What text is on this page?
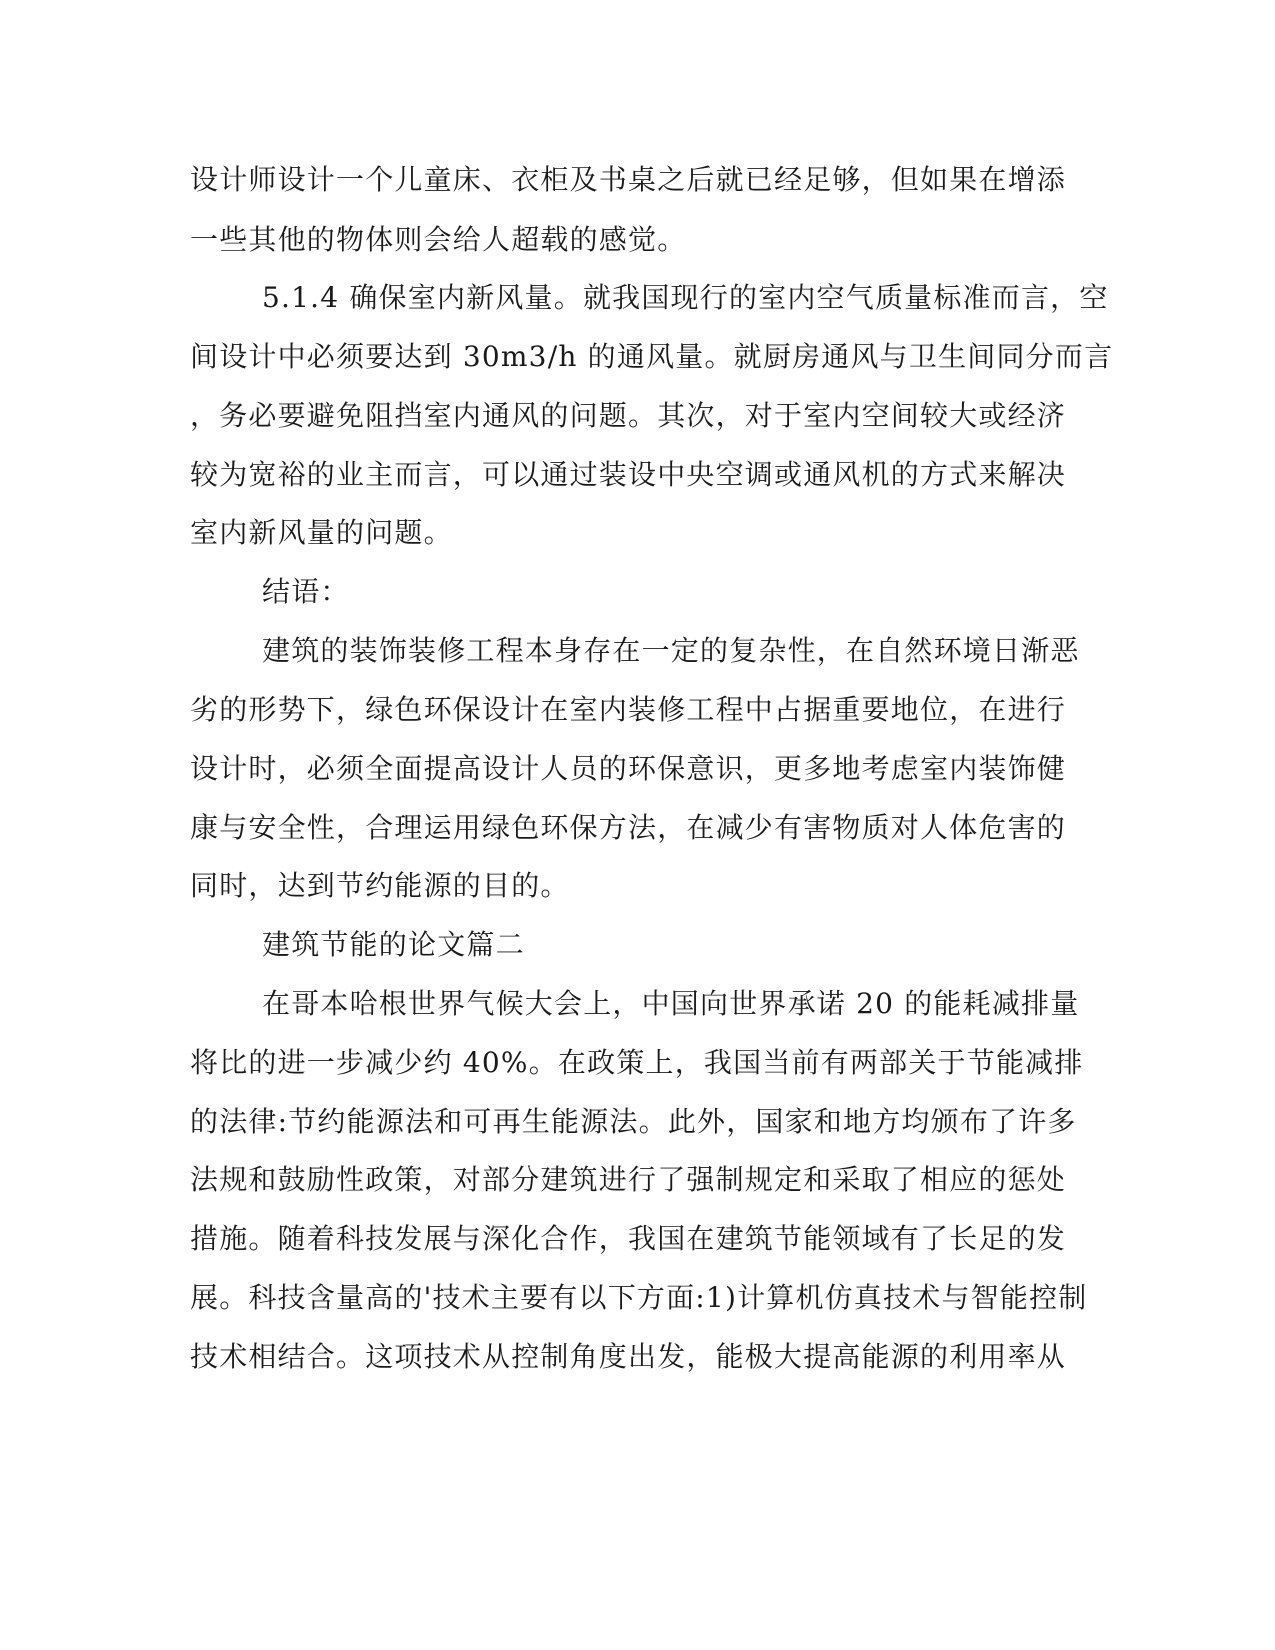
设计师设计一个儿童床、衣柜及书桌之后就已经足够，但如果在增添
一些其他的物体则会给人超载的感觉。
5.1.4 确保室内新风量。就我国现行的室内空气质量标准而言，空
间设计中必须要达到 30m3/h 的通风量。就厨房通风与卫生间同分而言
，务必要避免阻挡室内通风的问题。其次，对于室内空间较大或经济
较为宽裕的业主而言，可以通过装设中央空调或通风机的方式来解决
室内新风量的问题。
结语：
建筑的装饰装修工程本身存在一定的复杂性，在自然环境日渐恶
劣的形势下，绿色环保设计在室内装修工程中占据重要地位，在进行
设计时，必须全面提高设计人员的环保意识，更多地考虑室内装饰健
康与安全性，合理运用绿色环保方法，在减少有害物质对人体危害的
同时，达到节约能源的目的。
建筑节能的论文篇二
在哥本哈根世界气候大会上，中国向世界承诺 20 的能耗减排量
将比的进一步减少约 40%。在政策上，我国当前有两部关于节能减排
的法律:节约能源法和可再生能源法。此外，国家和地方均颁布了许多
法规和鼓励性政策，对部分建筑进行了强制规定和采取了相应的惩处
措施。随着科技发展与深化合作，我国在建筑节能领域有了长足的发
展。科技含量高的'技术主要有以下方面:1)计算机仿真技术与智能控制
技术相结合。这项技术从控制角度出发，能极大提高能源的利用率从
